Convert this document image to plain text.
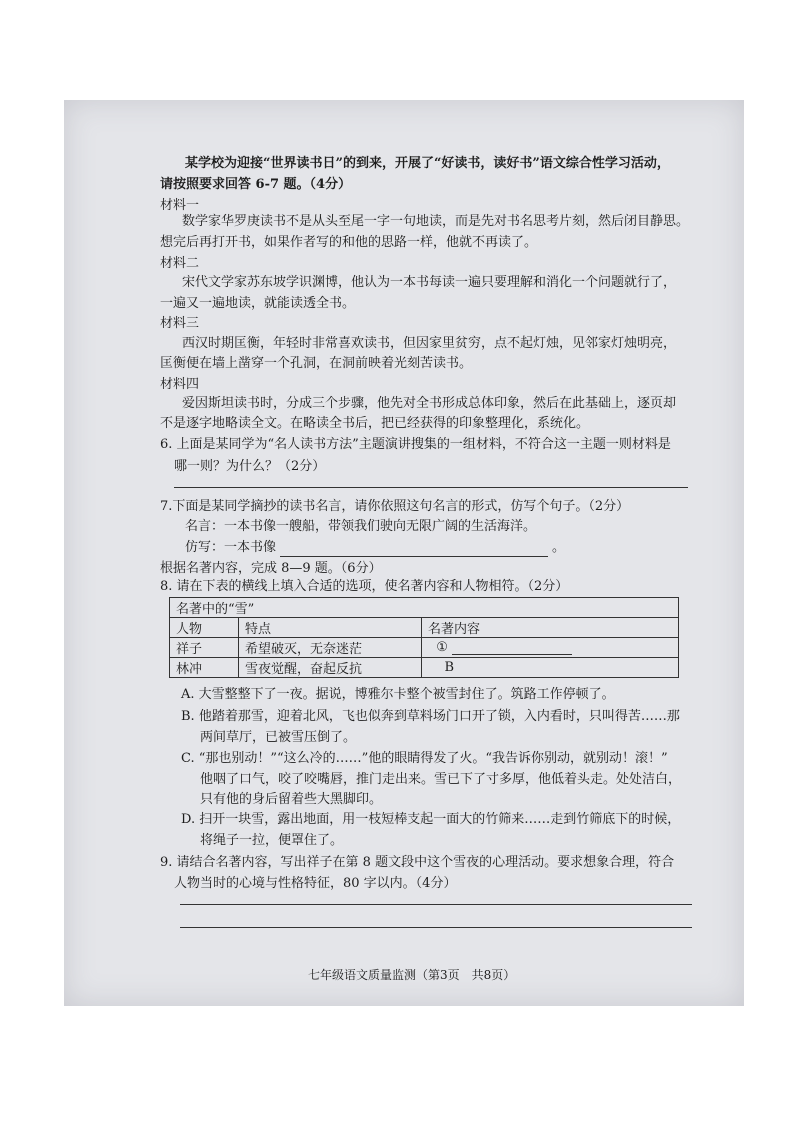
某学校为迎接“世界读书日”的到来，开展了“好读书，读好书”语文综合性学习活动，
请按照要求回答 6-7 题。（4分）
材料一
数学家华罗庚读书不是从头至尾一字一句地读，而是先对书名思考片刻，然后闭目静思。
想完后再打开书，如果作者写的和他的思路一样，他就不再读了。
材料二
宋代文学家苏东坡学识渊博，他认为一本书每读一遍只要理解和消化一个问题就行了，
一遍又一遍地读，就能读透全书。
材料三
西汉时期匡衡，年轻时非常喜欢读书，但因家里贫穷，点不起灯烛，见邻家灯烛明亮，
匡衡便在墙上凿穿一个孔洞，在洞前映着光刻苦读书。
材料四
爱因斯坦读书时，分成三个步骤，他先对全书形成总体印象，然后在此基础上，逐页却
不是逐字地略读全文。在略读全书后，把已经获得的印象整理化，系统化。
6. 上面是某同学为“名人读书方法”主题演讲搜集的一组材料，不符合这一主题一则材料是
哪一则？为什么？（2分）
7.下面是某同学摘抄的读书名言，请你依照这句名言的形式，仿写个句子。（2分）
名言：一本书像一艘船，带领我们驶向无限广阔的生活海洋。
仿写：一本书像	。
根据名著内容，完成 8—9 题。（6分）
8. 请在下表的横线上填入合适的选项，使名著内容和人物相符。（2分）
名著中的“雪”		
人物	特点	名著内容
祥子	希望破灭，无奈迷茫	①
林冲	雪夜觉醒，奋起反抗	B
A. 大雪整整下了一夜。据说，博雅尔卡整个被雪封住了。筑路工作停顿了。
B. 他踏着那雪，迎着北风，飞也似奔到草料场门口开了锁，入内看时，只叫得苦……那
两间草厅，已被雪压倒了。
C. “那也别动！”“这么冷的……”他的眼睛得发了火。“我告诉你别动，就别动！滚！”
他咽了口气，咬了咬嘴唇，推门走出来。雪已下了寸多厚，他低着头走。处处洁白，
只有他的身后留着些大黑脚印。
D. 扫开一块雪，露出地面，用一枝短棒支起一面大的竹筛来……走到竹筛底下的时候，
将绳子一拉，便罩住了。
9. 请结合名著内容，写出祥子在第 8 题文段中这个雪夜的心理活动。要求想象合理，符合
人物当时的心境与性格特征，80 字以内。（4分）
七年级语文质量监测（第3页　共8页）
